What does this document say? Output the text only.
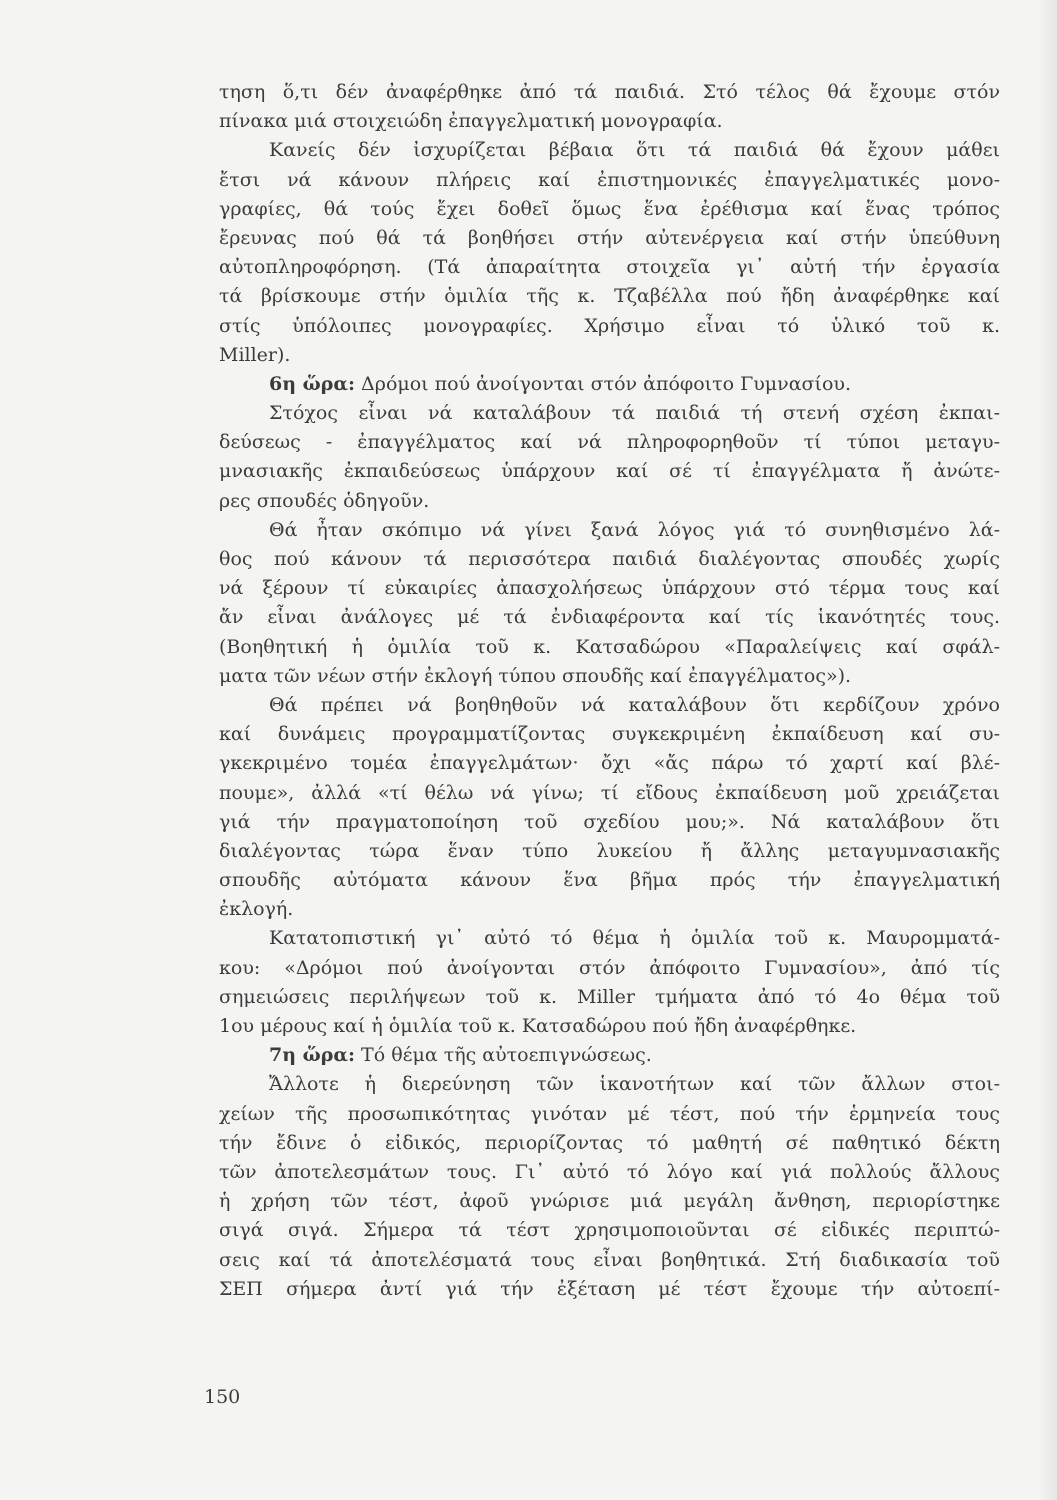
τηση ὅ,τι δέν ἀναφέρθηκε ἀπό τά παιδιά. Στό τέλος θά ἔχουμε στόν
πίνακα μιά στοιχειώδη ἐπαγγελματική μονογραφία.
Κανείς δέν ἰσχυρίζεται βέβαια ὅτι τά παιδιά θά ἔχουν μάθει
ἔτσι νά κάνουν πλήρεις καί ἐπιστημονικές ἐπαγγελματικές μονο-
γραφίες, θά τούς ἔχει δοθεῖ ὅμως ἕνα ἐρέθισμα καί ἕνας τρόπος
ἔρευνας πού θά τά βοηθήσει στήν αὐτενέργεια καί στήν ὑπεύθυνη
αὐτοπληροφόρηση. (Τά ἀπαραίτητα στοιχεῖα γι᾽ αὐτή τήν ἐργασία
τά βρίσκουμε στήν ὁμιλία τῆς κ. Τζαβέλλα πού ἤδη ἀναφέρθηκε καί
στίς ὑπόλοιπες μονογραφίες. Χρήσιμο εἶναι τό ὑλικό τοῦ κ.
Miller).
6η ὥρα: Δρόμοι πού ἀνοίγονται στόν ἀπόφοιτο Γυμνασίου.
Στόχος εἶναι νά καταλάβουν τά παιδιά τή στενή σχέση ἐκπαι-
δεύσεως - ἐπαγγέλματος καί νά πληροφορηθοῦν τί τύποι μεταγυ-
μνασιακῆς ἐκπαιδεύσεως ὑπάρχουν καί σέ τί ἐπαγγέλματα ἤ ἀνώτε-
ρες σπουδές ὁδηγοῦν.
Θά ἦταν σκόπιμο νά γίνει ξανά λόγος γιά τό συνηθισμένο λά-
θος πού κάνουν τά περισσότερα παιδιά διαλέγοντας σπουδές χωρίς
νά ξέρουν τί εὐκαιρίες ἀπασχολήσεως ὑπάρχουν στό τέρμα τους καί
ἄν εἶναι ἀνάλογες μέ τά ἐνδιαφέροντα καί τίς ἱκανότητές τους.
(Βοηθητική ἡ ὁμιλία τοῦ κ. Κατσαδώρου «Παραλείψεις καί σφάλ-
ματα τῶν νέων στήν ἐκλογή τύπου σπουδῆς καί ἐπαγγέλματος»).
Θά πρέπει νά βοηθηθοῦν νά καταλάβουν ὅτι κερδίζουν χρόνο
καί δυνάμεις προγραμματίζοντας συγκεκριμένη ἐκπαίδευση καί συ-
γκεκριμένο τομέα ἐπαγγελμάτων· ὄχι «ἄς πάρω τό χαρτί καί βλέ-
πουμε», ἀλλά «τί θέλω νά γίνω; τί εἴδους ἐκπαίδευση μοῦ χρειάζεται
γιά τήν πραγματοποίηση τοῦ σχεδίου μου;». Νά καταλάβουν ὅτι
διαλέγοντας τώρα ἕναν τύπο λυκείου ἤ ἄλλης μεταγυμνασιακῆς
σπουδῆς αὐτόματα κάνουν ἕνα βῆμα πρός τήν ἐπαγγελματική
ἐκλογή.
Κατατοπιστική γι᾽ αὐτό τό θέμα ἡ ὁμιλία τοῦ κ. Μαυρομματά-
κου: «Δρόμοι πού ἀνοίγονται στόν ἀπόφοιτο Γυμνασίου», ἀπό τίς
σημειώσεις περιλήψεων τοῦ κ. Miller τμήματα ἀπό τό 4ο θέμα τοῦ
1ου μέρους καί ἡ ὁμιλία τοῦ κ. Κατσαδώρου πού ἤδη ἀναφέρθηκε.
7η ὥρα: Τό θέμα τῆς αὐτοεπιγνώσεως.
Ἄλλοτε ἡ διερεύνηση τῶν ἱκανοτήτων καί τῶν ἄλλων στοι-
χείων τῆς προσωπικότητας γινόταν μέ τέστ, πού τήν ἑρμηνεία τους
τήν ἔδινε ὁ εἰδικός, περιορίζοντας τό μαθητή σέ παθητικό δέκτη
τῶν ἀποτελεσμάτων τους. Γι᾽ αὐτό τό λόγο καί γιά πολλούς ἄλλους
ἡ χρήση τῶν τέστ, ἀφοῦ γνώρισε μιά μεγάλη ἄνθηση, περιορίστηκε
σιγά σιγά. Σήμερα τά τέστ χρησιμοποιοῦνται σέ εἰδικές περιπτώ-
σεις καί τά ἀποτελέσματά τους εἶναι βοηθητικά. Στή διαδικασία τοῦ
ΣΕΠ σήμερα ἀντί γιά τήν ἐξέταση μέ τέστ ἔχουμε τήν αὐτοεπί-
150
